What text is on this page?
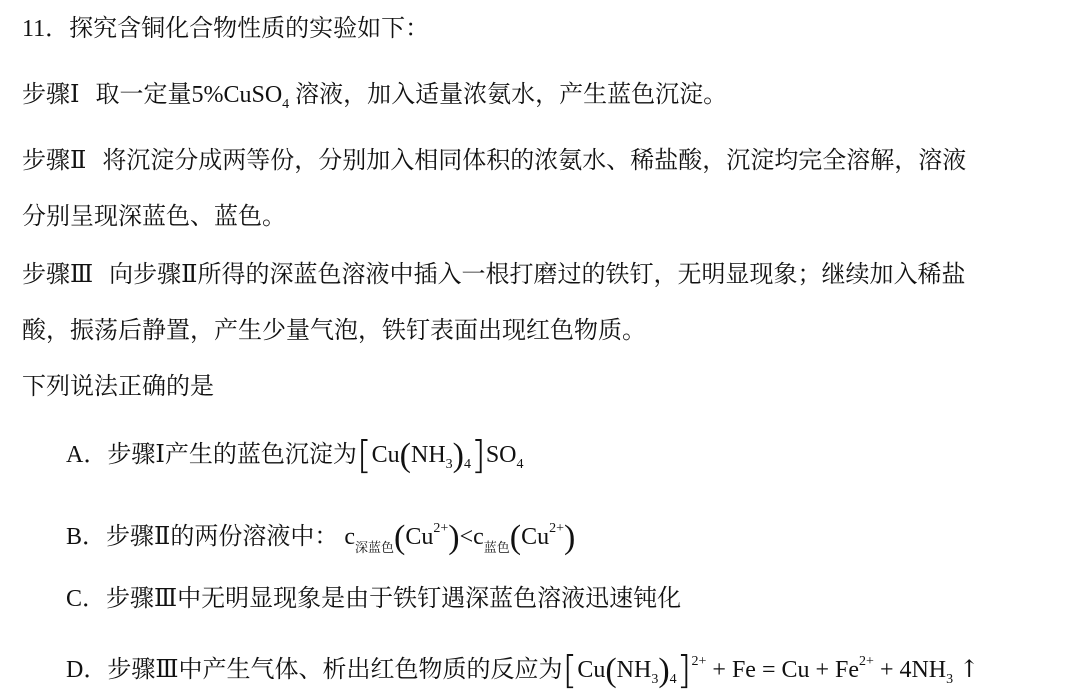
11．探究含铜化合物性质的实验如下：
步骤Ⅰ 取一定量5%CuSO$_4$ 溶液，加入适量浓氨水，产生蓝色沉淀。
步骤Ⅱ 将沉淀分成两等份，分别加入相同体积的浓氨水、稀盐酸，沉淀均完全溶解，溶液
分别呈现深蓝色、蓝色。
步骤Ⅲ 向步骤Ⅱ所得的深蓝色溶液中插入一根打磨过的铁钉，无明显现象；继续加入稀盐
酸，振荡后静置，产生少量气泡，铁钉表面出现红色物质。
下列说法正确的是
A．步骤Ⅰ产生的蓝色沉淀为$[Cu(NH_3)_4]SO_4$
B．步骤Ⅱ的两份溶液中： $c_{深蓝色}(Cu^{2+})<c_{蓝色}(Cu^{2+})$
C．步骤Ⅲ中无明显现象是由于铁钉遇深蓝色溶液迅速钝化
D．步骤Ⅲ中产生气体、析出红色物质的反应为$[Cu(NH_3)_4]^{2+} + Fe = Cu + Fe^{2+} + 4NH_3$ ↑
